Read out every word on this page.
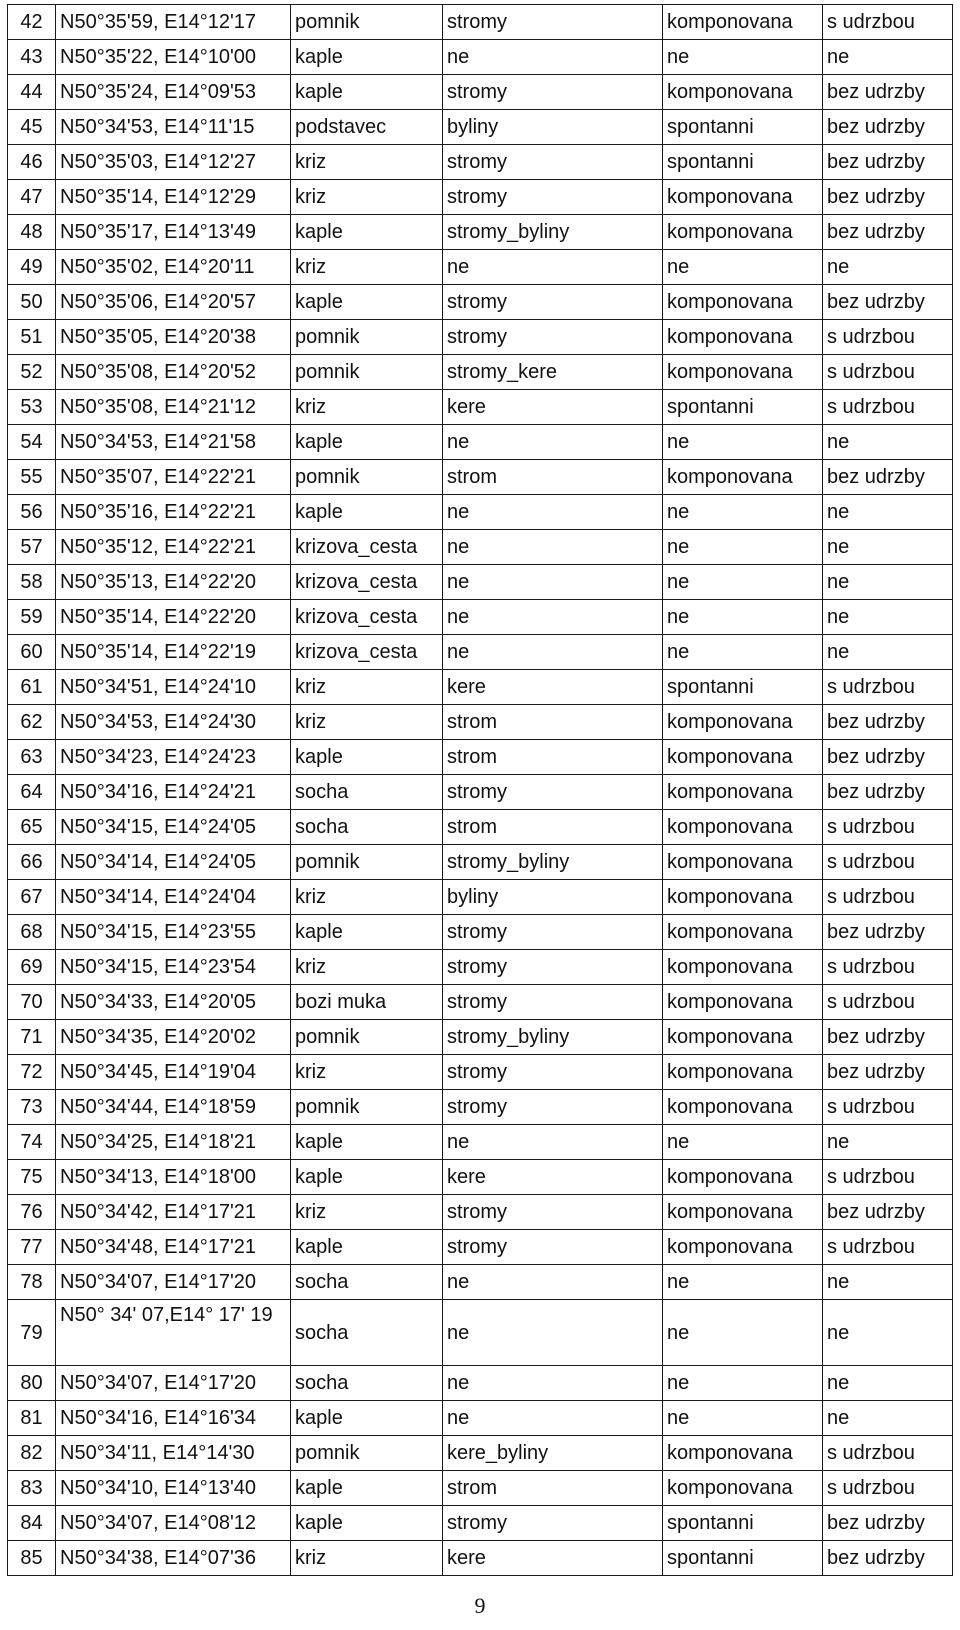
42	N50°35'59, E14°12'17	pomnik	stromy	komponovana	s udrzbou
43	N50°35'22, E14°10'00	kaple	ne	ne	ne
44	N50°35'24, E14°09'53	kaple	stromy	komponovana	bez udrzby
45	N50°34'53, E14°11'15	podstavec	byliny	spontanni	bez udrzby
46	N50°35'03, E14°12'27	kriz	stromy	spontanni	bez udrzby
47	N50°35'14, E14°12'29	kriz	stromy	komponovana	bez udrzby
48	N50°35'17, E14°13'49	kaple	stromy_byliny	komponovana	bez udrzby
49	N50°35'02, E14°20'11	kriz	ne	ne	ne
50	N50°35'06, E14°20'57	kaple	stromy	komponovana	bez udrzby
51	N50°35'05, E14°20'38	pomnik	stromy	komponovana	s udrzbou
52	N50°35'08, E14°20'52	pomnik	stromy_kere	komponovana	s udrzbou
53	N50°35'08, E14°21'12	kriz	kere	spontanni	s udrzbou
54	N50°34'53, E14°21'58	kaple	ne	ne	ne
55	N50°35'07, E14°22'21	pomnik	strom	komponovana	bez udrzby
56	N50°35'16, E14°22'21	kaple	ne	ne	ne
57	N50°35'12, E14°22'21	krizova_cesta	ne	ne	ne
58	N50°35'13, E14°22'20	krizova_cesta	ne	ne	ne
59	N50°35'14, E14°22'20	krizova_cesta	ne	ne	ne
60	N50°35'14, E14°22'19	krizova_cesta	ne	ne	ne
61	N50°34'51, E14°24'10	kriz	kere	spontanni	s udrzbou
62	N50°34'53, E14°24'30	kriz	strom	komponovana	bez udrzby
63	N50°34'23, E14°24'23	kaple	strom	komponovana	bez udrzby
64	N50°34'16, E14°24'21	socha	stromy	komponovana	bez udrzby
65	N50°34'15, E14°24'05	socha	strom	komponovana	s udrzbou
66	N50°34'14, E14°24'05	pomnik	stromy_byliny	komponovana	s udrzbou
67	N50°34'14, E14°24'04	kriz	byliny	komponovana	s udrzbou
68	N50°34'15, E14°23'55	kaple	stromy	komponovana	bez udrzby
69	N50°34'15, E14°23'54	kriz	stromy	komponovana	s udrzbou
70	N50°34'33, E14°20'05	bozi muka	stromy	komponovana	s udrzbou
71	N50°34'35, E14°20'02	pomnik	stromy_byliny	komponovana	bez udrzby
72	N50°34'45, E14°19'04	kriz	stromy	komponovana	bez udrzby
73	N50°34'44, E14°18'59	pomnik	stromy	komponovana	s udrzbou
74	N50°34'25, E14°18'21	kaple	ne	ne	ne
75	N50°34'13, E14°18'00	kaple	kere	komponovana	s udrzbou
76	N50°34'42, E14°17'21	kriz	stromy	komponovana	bez udrzby
77	N50°34'48, E14°17'21	kaple	stromy	komponovana	s udrzbou
78	N50°34'07, E14°17'20	socha	ne	ne	ne
79	N50° 34' 07,E14° 17' 19	socha	ne	ne	ne
80	N50°34'07, E14°17'20	socha	ne	ne	ne
81	N50°34'16, E14°16'34	kaple	ne	ne	ne
82	N50°34'11, E14°14'30	pomnik	kere_byliny	komponovana	s udrzbou
83	N50°34'10, E14°13'40	kaple	strom	komponovana	s udrzbou
84	N50°34'07, E14°08'12	kaple	stromy	spontanni	bez udrzby
85	N50°34'38, E14°07'36	kriz	kere	spontanni	bez udrzby
9
